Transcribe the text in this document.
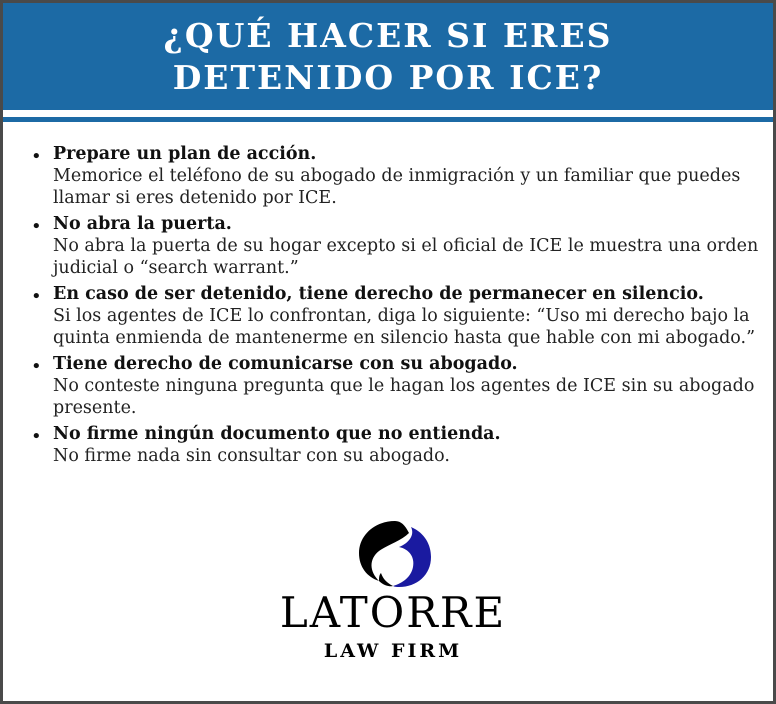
¿QUÉ HACER SI ERES
DETENIDO POR ICE?
• Prepare un plan de acción.
Memorice el teléfono de su abogado de inmigración y un familiar que puedes llamar si eres detenido por ICE.
• No abra la puerta.
No abra la puerta de su hogar excepto si el oficial de ICE le muestra una orden judicial o “search warrant.”
• En caso de ser detenido, tiene derecho de permanecer en silencio.
Si los agentes de ICE lo confrontan, diga lo siguiente: “Uso mi derecho bajo la quinta enmienda de mantenerme en silencio hasta que hable con mi abogado.”
• Tiene derecho de comunicarse con su abogado.
No conteste ninguna pregunta que le hagan los agentes de ICE sin su abogado presente.
• No firme ningún documento que no entienda.
No firme nada sin consultar con su abogado.
LATORRE
LAW FIRM
